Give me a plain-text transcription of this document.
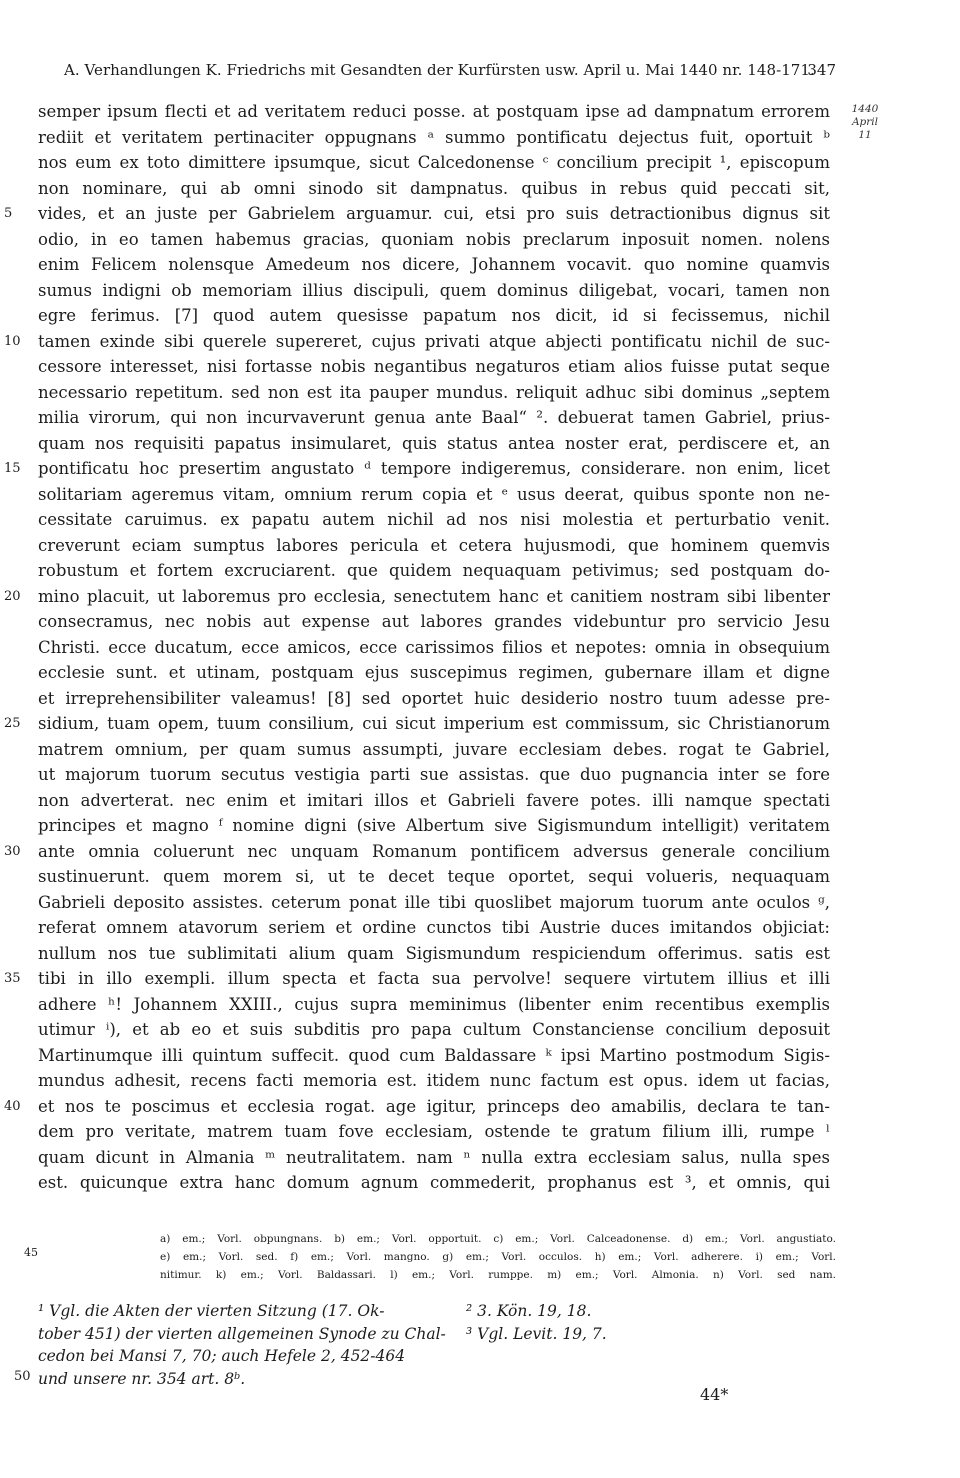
A. Verhandlungen K. Friedrichs mit Gesandten der Kurfürsten usw. April u. Mai 1440 nr. 148-171.
347
1440
April 11
semper ipsum flecti et ad veritatem reduci posse. at postquam ipse ad dampnatum errorem
rediit et veritatem pertinaciter oppugnans ᵃ summo pontificatu dejectus fuit, oportuit ᵇ
nos eum ex toto dimittere ipsumque, sicut Calcedonense ᶜ concilium precipit ¹, episcopum
non nominare, qui ab omni sinodo sit dampnatus. quibus in rebus quid peccati sit,
5	vides, et an juste per Gabrielem arguamur. cui, etsi pro suis detractionibus dignus sit
odio, in eo tamen habemus gracias, quoniam nobis preclarum inposuit nomen. nolens
enim Felicem nolensque Amedeum nos dicere, Johannem vocavit. quo nomine quamvis
sumus indigni ob memoriam illius discipuli, quem dominus diligebat, vocari, tamen non
egre ferimus. [7] quod autem quesisse papatum nos dicit, id si fecissemus, nichil
10	tamen exinde sibi querele supereret, cujus privati atque abjecti pontificatu nichil de suc-
cessore interesset, nisi fortasse nobis negantibus negaturos etiam alios fuisse putat seque
necessario repetitum. sed non est ita pauper mundus. reliquit adhuc sibi dominus „septem
milia virorum, qui non incurvaverunt genua ante Baal“ ². debuerat tamen Gabriel, prius-
quam nos requisiti papatus insimularet, quis status antea noster erat, perdiscere et, an
15	pontificatu hoc presertim angustato ᵈ tempore indigeremus, considerare. non enim, licet
solitariam ageremus vitam, omnium rerum copia et ᵉ usus deerat, quibus sponte non ne-
cessitate caruimus. ex papatu autem nichil ad nos nisi molestia et perturbatio venit.
creverunt eciam sumptus labores pericula et cetera hujusmodi, que hominem quemvis
robustum et fortem excruciarent. que quidem nequaquam petivimus; sed postquam do-
20	mino placuit, ut laboremus pro ecclesia, senectutem hanc et canitiem nostram sibi libenter
consecramus, nec nobis aut expense aut labores grandes videbuntur pro servicio Jesu
Christi. ecce ducatum, ecce amicos, ecce carissimos filios et nepotes: omnia in obsequium
ecclesie sunt. et utinam, postquam ejus suscepimus regimen, gubernare illam et digne
et irreprehensibiliter valeamus! [8] sed oportet huic desiderio nostro tuum adesse pre-
25	sidium, tuam opem, tuum consilium, cui sicut imperium est commissum, sic Christianorum
matrem omnium, per quam sumus assumpti, juvare ecclesiam debes. rogat te Gabriel,
ut majorum tuorum secutus vestigia parti sue assistas. que duo pugnancia inter se fore
non adverterat. nec enim et imitari illos et Gabrieli favere potes. illi namque spectati
principes et magno ᶠ nomine digni (sive Albertum sive Sigismundum intelligit) veritatem
30	ante omnia coluerunt nec unquam Romanum pontificem adversus generale concilium
sustinuerunt. quem morem si, ut te decet teque oportet, sequi volueris, nequaquam
Gabrieli deposito assistes. ceterum ponat ille tibi quoslibet majorum tuorum ante oculos ᵍ,
referat omnem atavorum seriem et ordine cunctos tibi Austrie duces imitandos objiciat:
nullum nos tue sublimitati alium quam Sigismundum respiciendum offerimus. satis est
35	tibi in illo exempli. illum specta et facta sua pervolve! sequere virtutem illius et illi
adhere ʰ! Johannem XXIII., cujus supra meminimus (libenter enim recentibus exemplis
utimur ⁱ), et ab eo et suis subditis pro papa cultum Constanciense concilium deposuit
Martinumque illi quintum suffecit. quod cum Baldassare ᵏ ipsi Martino postmodum Sigis-
mundus adhesit, recens facti memoria est. itidem nunc factum est opus. idem ut facias,
40	et nos te poscimus et ecclesia rogat. age igitur, princeps deo amabilis, declara te tan-
dem pro veritate, matrem tuam fove ecclesiam, ostende te gratum filium illi, rumpe ˡ
quam dicunt in Almania ᵐ neutralitatem. nam ⁿ nulla extra ecclesiam salus, nulla spes
est. quicunque extra hanc domum agnum commederit, prophanus est ³, et omnis, qui
45
a) em.; Vorl. obpungnans. b) em.; Vorl. opportuit. c) em.; Vorl. Calceadonense. d) em.; Vorl. angustiato.
e) em.; Vorl. sed. f) em.; Vorl. mangno. g) em.; Vorl. occulos. h) em.; Vorl. adherere. i) em.; Vorl.
nitimur. k) em.; Vorl. Baldassari. l) em.; Vorl. rumppe. m) em.; Vorl. Almonia. n) Vorl. sed nam.
50
¹ Vgl. die Akten der vierten Sitzung (17. Ok-
tober 451) der vierten allgemeinen Synode zu Chal-
cedon bei Mansi 7, 70; auch Hefele 2, 452-464
und unsere nr. 354 art. 8ᵇ.
² 3. Kön. 19, 18.
³ Vgl. Levit. 19, 7.
44*
